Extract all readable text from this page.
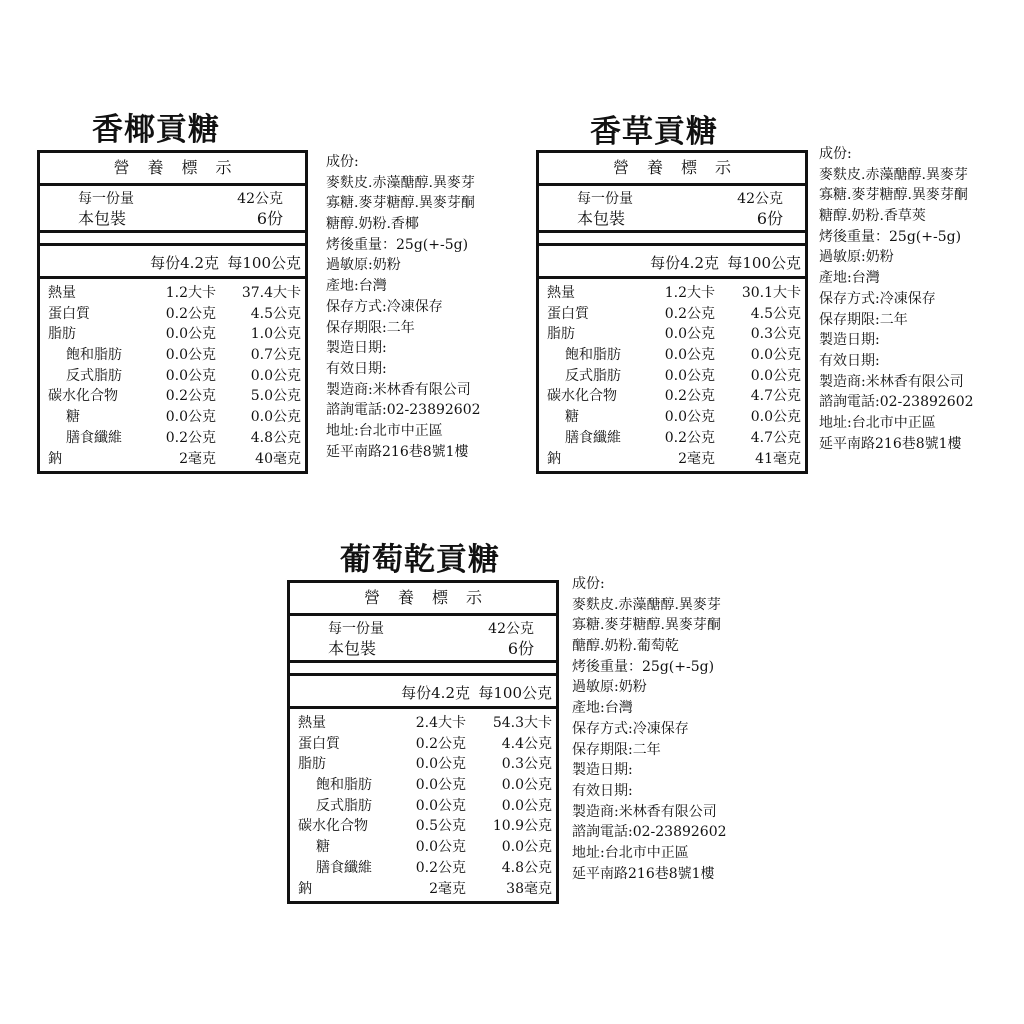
香椰貢糖
營養標示
每一份量	42公克
本包裝	6份
每份4.2克 每100公克
熱量	1.2大卡	37.4大卡
蛋白質	0.2公克	4.5公克
脂肪	0.0公克	1.0公克
飽和脂肪	0.0公克	0.7公克
反式脂肪	0.0公克	0.0公克
碳水化合物	0.2公克	5.0公克
糖	0.0公克	0.0公克
膳食纖維	0.2公克	4.8公克
鈉	2毫克	40毫克
成份:
麥麩皮.赤藻醣醇.異麥芽
寡糖.麥芽糖醇.異麥芽酮
糖醇.奶粉.香椰
烤後重量：25g(+-5g)
過敏原:奶粉
產地:台灣
保存方式:冷凍保存
保存期限:二年
製造日期:
有效日期:
製造商:米林香有限公司
諮詢電話:02-23892602
地址:台北市中正區
延平南路216巷8號1樓
香草貢糖
營養標示
每一份量	42公克
本包裝	6份
每份4.2克 每100公克
熱量	1.2大卡	30.1大卡
蛋白質	0.2公克	4.5公克
脂肪	0.0公克	0.3公克
飽和脂肪	0.0公克	0.0公克
反式脂肪	0.0公克	0.0公克
碳水化合物	0.2公克	4.7公克
糖	0.0公克	0.0公克
膳食纖維	0.2公克	4.7公克
鈉	2毫克	41毫克
成份:
麥麩皮.赤藻醣醇.異麥芽
寡糖.麥芽糖醇.異麥芽酮
糖醇.奶粉.香草莢
烤後重量：25g(+-5g)
過敏原:奶粉
產地:台灣
保存方式:冷凍保存
保存期限:二年
製造日期:
有效日期:
製造商:米林香有限公司
諮詢電話:02-23892602
地址:台北市中正區
延平南路216巷8號1樓
葡萄乾貢糖
營養標示
每一份量	42公克
本包裝	6份
每份4.2克 每100公克
熱量	2.4大卡	54.3大卡
蛋白質	0.2公克	4.4公克
脂肪	0.0公克	0.3公克
飽和脂肪	0.0公克	0.0公克
反式脂肪	0.0公克	0.0公克
碳水化合物	0.5公克	10.9公克
糖	0.0公克	0.0公克
膳食纖維	0.2公克	4.8公克
鈉	2毫克	38毫克
成份:
麥麩皮.赤藻醣醇.異麥芽
寡糖.麥芽糖醇.異麥芽酮
醣醇.奶粉.葡萄乾
烤後重量：25g(+-5g)
過敏原:奶粉
產地:台灣
保存方式:冷凍保存
保存期限:二年
製造日期:
有效日期:
製造商:米林香有限公司
諮詢電話:02-23892602
地址:台北市中正區
延平南路216巷8號1樓
